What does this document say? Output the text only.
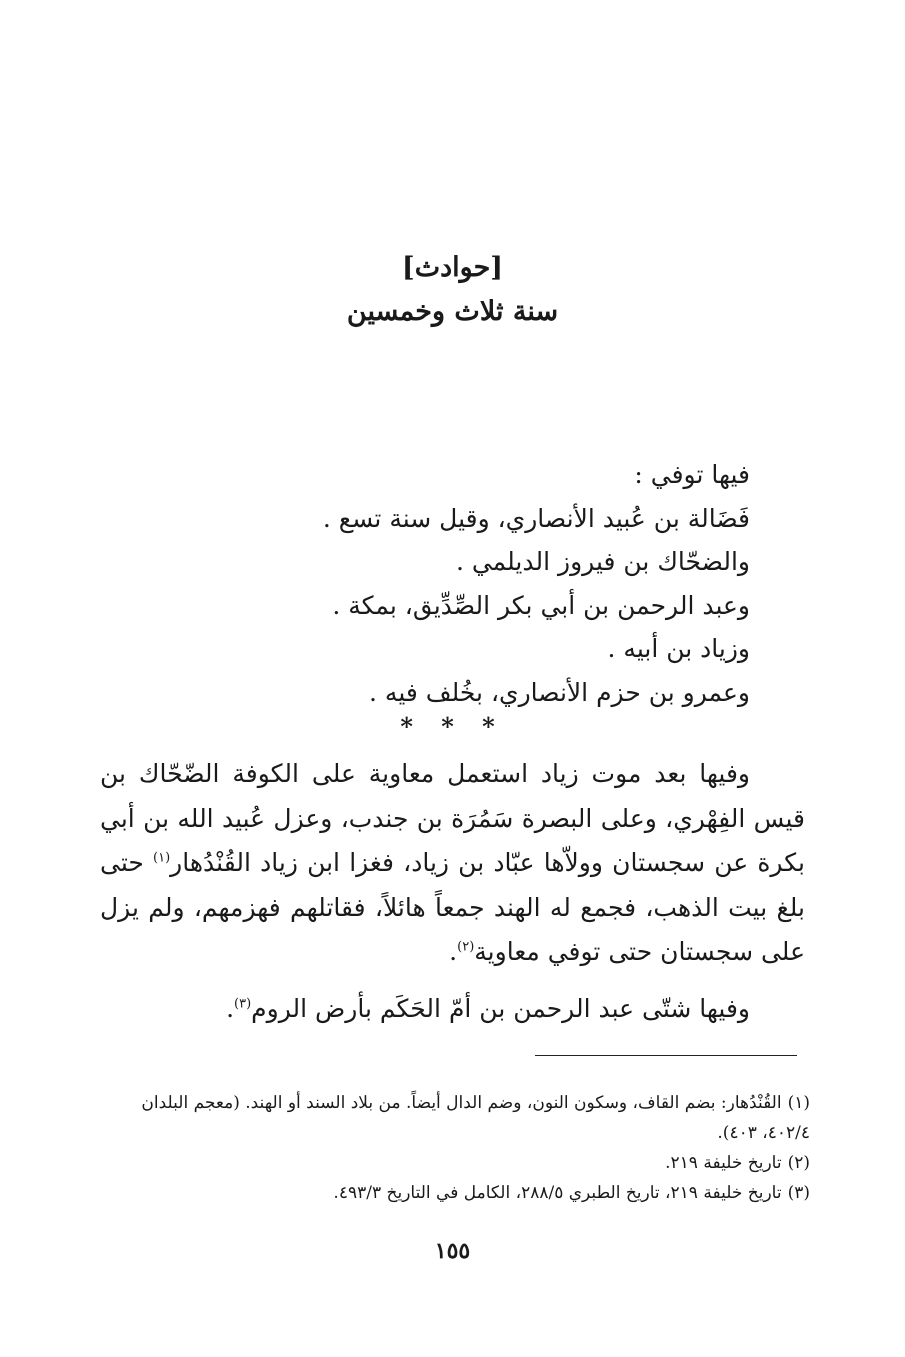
[حوادث]
سنة ثلاث وخمسين
فيها توفي :
فَضَالة بن عُبيد الأنصاري، وقيل سنة تسع .
والضحّاك بن فيروز الديلمي .
وعبد الرحمن بن أبي بكر الصِّدِّيق، بمكة .
وزياد بن أبيه .
وعمرو بن حزم الأنصاري، بخُلف فيه .
* * *

وفيها بعد موت زياد استعمل معاوية على الكوفة الضّحّاك بن قيس الفِهْري، وعلى البصرة سَمُرَة بن جندب، وعزل عُبيد الله بن أبي بكرة عن سجستان وولاّها عبّاد بن زياد، فغزا ابن زياد القُنْدُهار$^{(١)}$ حتى بلغ بيت الذهب، فجمع له الهند جمعاً هائلاً، فقاتلهم فهزمهم، ولم يزل على سجستان حتى توفي معاوية$^{(٢)}$.

وفيها شتّى عبد الرحمن بن أمّ الحَكَم بأرض الروم$^{(٣)}$.

(١)القُنْدُهار: بضم القاف، وسكون النون، وضم الدال أيضاً. من بلاد السند أو الهند. (معجم البلدان ٤٠٢/٤، ٤٠٣).
(٢)تاريخ خليفة ٢١٩.
(٣)تاريخ خليفة ٢١٩، تاريخ الطبري ٢٨٨/٥، الكامل في التاريخ ٤٩٣/٣.
١٥٥
